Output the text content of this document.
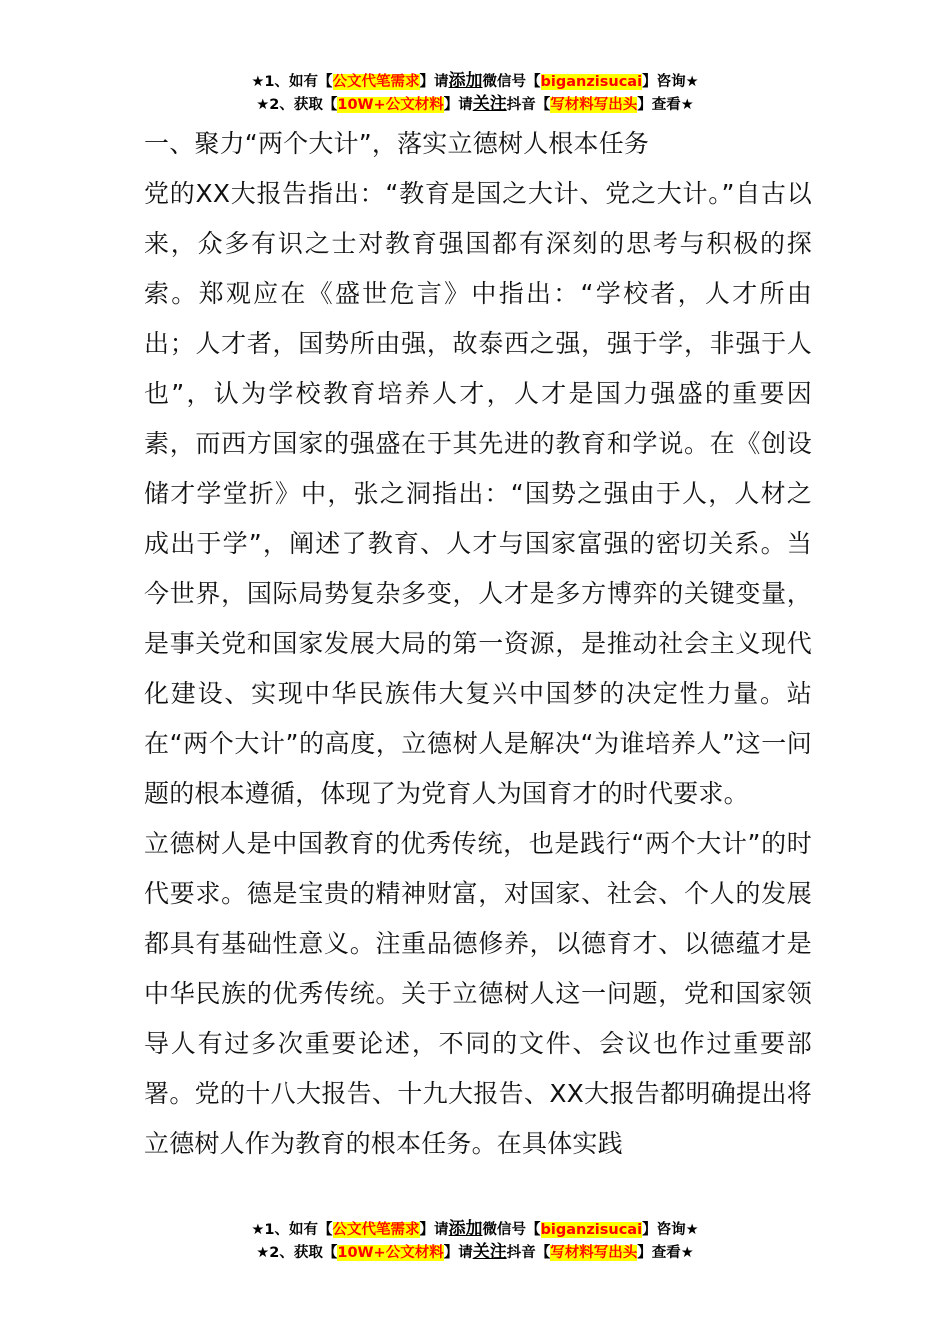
★1、如有【公文代笔需求】请添加微信号【biganzisucai】咨询★
★2、获取【10W+公文材料】请关注抖音【写材料写出头】查看★

一、聚力“两个大计”，落实立德树人根本任务

党的XX大报告指出：“教育是国之大计、党之大计。”自古以来，众多有识之士对教育强国都有深刻的思考与积极的探索。郑观应在《盛世危言》中指出：“学校者，人才所由出；人才者，国势所由强，故泰西之强，强于学，非强于人也”，认为学校教育培养人才，人才是国力强盛的重要因素，而西方国家的强盛在于其先进的教育和学说。在《创设储才学堂折》中，张之洞指出：“国势之强由于人，人材之成出于学”，阐述了教育、人才与国家富强的密切关系。当今世界，国际局势复杂多变，人才是多方博弈的关键变量，是事关党和国家发展大局的第一资源，是推动社会主义现代化建设、实现中华民族伟大复兴中国梦的决定性力量。站在“两个大计”的高度，立德树人是解决“为谁培养人”这一问题的根本遵循，体现了为党育人为国育才的时代要求。

立德树人是中国教育的优秀传统，也是践行“两个大计”的时代要求。德是宝贵的精神财富，对国家、社会、个人的发展都具有基础性意义。注重品德修养，以德育才、以德蕴才是中华民族的优秀传统。关于立德树人这一问题，党和国家领导人有过多次重要论述，不同的文件、会议也作过重要部署。党的十八大报告、十九大报告、XX大报告都明确提出将立德树人作为教育的根本任务。在具体实践

★1、如有【公文代笔需求】请添加微信号【biganzisucai】咨询★
★2、获取【10W+公文材料】请关注抖音【写材料写出头】查看★
